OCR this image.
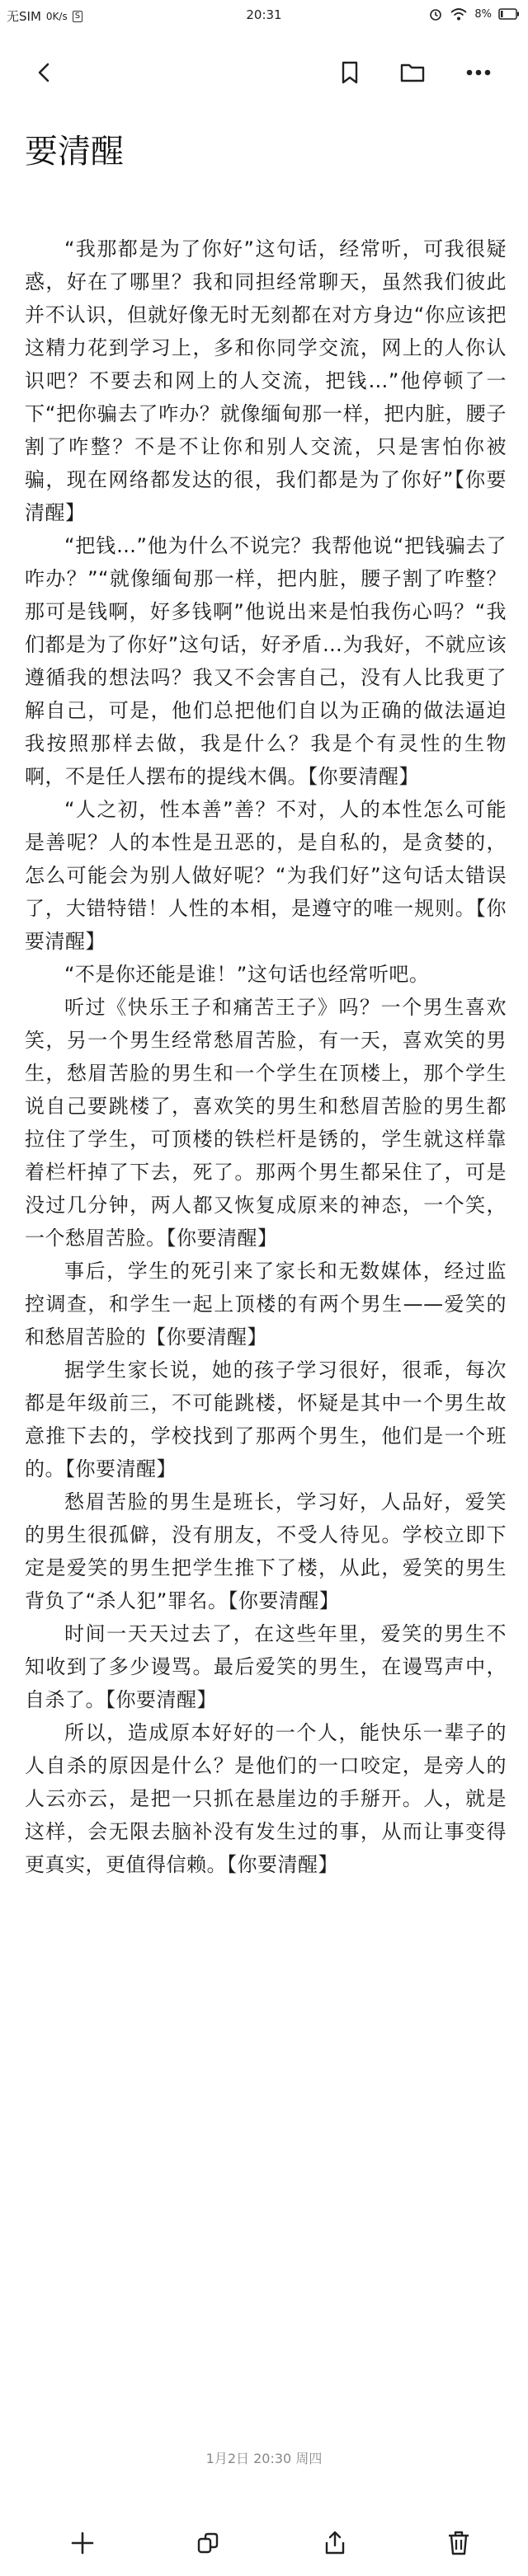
无SIM 0K/s S	20:31	8%
要清醒

“我那都是为了你好”这句话，经常听，可我很疑惑，好在了哪里？我和同担经常聊天，虽然我们彼此并不认识，但就好像无时无刻都在对方身边“你应该把这精力花到学习上，多和你同学交流，网上的人你认识吧？不要去和网上的人交流，把钱…”他停顿了一下“把你骗去了咋办？就像缅甸那一样，把内脏，腰子割了咋整？不是不让你和别人交流，只是害怕你被骗，现在网络都发达的很，我们都是为了你好”【你要清醒】

“把钱…”他为什么不说完？我帮他说“把钱骗去了咋办？”“就像缅甸那一样，把内脏，腰子割了咋整？那可是钱啊，好多钱啊”他说出来是怕我伤心吗？“我们都是为了你好”这句话，好矛盾…为我好，不就应该遵循我的想法吗？我又不会害自己，没有人比我更了解自己，可是，他们总把他们自以为正确的做法逼迫我按照那样去做，我是什么？我是个有灵性的生物啊，不是任人摆布的提线木偶。【你要清醒】

“人之初，性本善”善？不对，人的本性怎么可能是善呢？人的本性是丑恶的，是自私的，是贪婪的，怎么可能会为别人做好呢？“为我们好”这句话太错误了，大错特错！人性的本相，是遵守的唯一规则。【你要清醒】

“不是你还能是谁！”这句话也经常听吧。

听过《快乐王子和痛苦王子》吗？一个男生喜欢笑，另一个男生经常愁眉苦脸，有一天，喜欢笑的男生，愁眉苦脸的男生和一个学生在顶楼上，那个学生说自己要跳楼了，喜欢笑的男生和愁眉苦脸的男生都拉住了学生，可顶楼的铁栏杆是锈的，学生就这样靠着栏杆掉了下去，死了。那两个男生都呆住了，可是没过几分钟，两人都又恢复成原来的神态，一个笑，一个愁眉苦脸。【你要清醒】

事后，学生的死引来了家长和无数媒体，经过监控调查，和学生一起上顶楼的有两个男生——爱笑的和愁眉苦脸的【你要清醒】

据学生家长说，她的孩子学习很好，很乖，每次都是年级前三，不可能跳楼，怀疑是其中一个男生故意推下去的，学校找到了那两个男生，他们是一个班的。【你要清醒】

愁眉苦脸的男生是班长，学习好，人品好，爱笑的男生很孤僻，没有朋友，不受人待见。学校立即下定是爱笑的男生把学生推下了楼，从此，爱笑的男生背负了“杀人犯”罪名。【你要清醒】

时间一天天过去了，在这些年里，爱笑的男生不知收到了多少谩骂。最后爱笑的男生，在谩骂声中，自杀了。【你要清醒】

所以，造成原本好好的一个人，能快乐一辈子的人自杀的原因是什么？是他们的一口咬定，是旁人的人云亦云，是把一只抓在悬崖边的手掰开。人，就是这样，会无限去脑补没有发生过的事，从而让事变得更真实，更值得信赖。【你要清醒】

1月2日 20:30 周四
